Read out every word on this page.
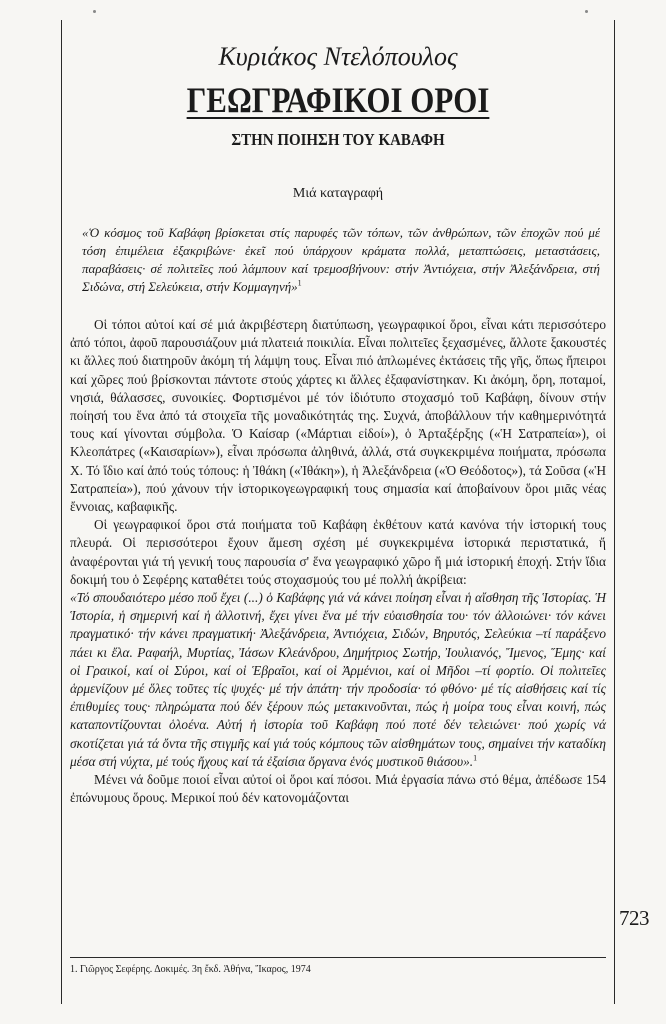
Κυριάκος Ντελόπουλος

ΓΕΩΓΡΑΦΙΚΟΙ ΟΡΟΙ
ΣΤΗΝ ΠΟΙΗΣΗ ΤΟΥ ΚΑΒΑΦΗ

Μιά καταγραφή

«Ὁ κόσμος τοῦ Καβάφη βρίσκεται στίς παρυφές τῶν τόπων, τῶν ἀνθρώπων, τῶν ἐποχῶν πού μέ τόση ἐπιμέλεια ἐξακριβώνε· ἐκεῖ πού ὑπάρχουν κράματα πολλά, μεταπτώσεις, μεταστάσεις, παραβάσεις· σέ πολιτεῖες πού λάμπουν καί τρεμοσβήνουν: στήν Ἀντιόχεια, στήν Ἀλεξάνδρεια, στή Σιδώνα, στή Σελεύκεια, στήν Κομμαγηνή»$^1$

Οἱ τόποι αὐτοί καί σέ μιά ἀκριβέστερη διατύπωση, γεωγραφικοί ὅροι, εἶναι κάτι περισσότερο ἀπό τόποι, ἀφοῦ παρουσιάζουν μιά πλατειά ποικιλία. Εἶναι πολιτεῖες ξεχασμένες, ἄλλοτε ξακουστές κι ἄλλες πού διατηροῦν ἀκόμη τή λάμψη τους. Εἶναι πιό ἁπλωμένες ἐκτάσεις τῆς γῆς, ὅπως ἤπειροι καί χῶρες πού βρίσκονται πάντοτε στούς χάρτες κι ἄλλες ἐξαφανίστηκαν. Κι ἀκόμη, ὄρη, ποταμοί, νησιά, θάλασσες, συνοικίες. Φορτισμένοι μέ τόν ἰδιότυπο στοχασμό τοῦ Καβάφη, δίνουν στήν ποίησή του ἕνα ἀπό τά στοιχεῖα τῆς μοναδικότητάς της. Συχνά, ἀποβάλλουν τήν καθημερινότητά τους καί γίνονται σύμβολα. Ὁ Καίσαρ («Μάρτιαι εἰδοί»), ὁ Ἀρταξέρξης («Ἡ Σατραπεία»), οἱ Κλεοπάτρες («Καισαρίων»), εἶναι πρόσωπα ἀληθινά, ἀλλά, στά συγκεκριμένα ποιήματα, πρόσωπα Χ. Τό ἴδιο καί ἀπό τούς τόπους: ἡ Ἰθάκη («Ἰθάκη»), ἡ Ἀλεξάνδρεια («Ὁ Θεόδοτος»), τά Σοῦσα («Ἡ Σατραπεία»), πού χάνουν τήν ἱστορικογεωγραφική τους σημασία καί ἀποβαίνουν ὅροι μιᾶς νέας ἔννοιας, καβαφικῆς.

Οἱ γεωγραφικοί ὅροι στά ποιήματα τοῦ Καβάφη ἐκθέτουν κατά κανόνα τήν ἱστορική τους πλευρά. Οἱ περισσότεροι ἔχουν ἄμεση σχέση μέ συγκεκριμένα ἱστορικά περιστατικά, ἤ ἀναφέρονται γιά τή γενική τους παρουσία σ' ἕνα γεωγραφικό χῶρο ἤ μιά ἱστορική ἐποχή. Στήν ἴδια δοκιμή του ὁ Σεφέρης καταθέτει τούς στοχασμούς του μέ πολλή ἀκρίβεια:

«Τό σπουδαιότερο μέσο ποὔ ἔχει (...) ὁ Καβάφης γιά νά κάνει ποίηση εἶναι ἡ αἴσθηση τῆς Ἱστορίας. Ἡ Ἱστορία, ἡ σημερινή καί ἡ ἀλλοτινή, ἔχει γίνει ἕνα μέ τήν εὐαισθησία του· τόν ἀλλοιώνει· τόν κάνει πραγματικό· τήν κάνει πραγματική· Ἀλεξάνδρεια, Ἀντιόχεια, Σιδών, Βηρυτός, Σελεύκια –τί παράξενο πάει κι ἔλα. Ραφαήλ, Μυρτίας, Ἰάσων Κλεάνδρου, Δημήτριος Σωτήρ, Ἰουλιανός, Ἴμενος, Ἕμης· καί οἱ Γραικοί, καί οἱ Σύροι, καί οἱ Ἑβραῖοι, καί οἱ Ἀρμένιοι, καί οἱ Μῆδοι –τί φορτίο. Οἱ πολιτεῖες ἁρμενίζουν μέ ὅλες τοῦτες τίς ψυχές· μέ τήν ἀπάτη· τήν προδοσία· τό φθόνο· μέ τίς αἰσθήσεις καί τίς ἐπιθυμίες τους· πληρώματα πού δέν ξέρουν πώς μετακινοῦνται, πώς ἡ μοίρα τους εἶναι κοινή, πώς καταποντίζουνται ὁλοένα. Αὐτή ἡ ἱστορία τοῦ Καβάφη πού ποτέ δέν τελειώνει· πού χωρίς νά σκοτίζεται γιά τά ὄντα τῆς στιγμῆς καί γιά τούς κόμπους τῶν αἰσθημάτων τους, σημαίνει τήν καταδίκη μέσα στή νύχτα, μέ τούς ἤχους καί τά ἐξαίσια ὄργανα ἑνός μυστικοῦ θιάσου».$^1$

Μένει νά δοῦμε ποιοί εἶναι αὐτοί οἱ ὅροι καί πόσοι. Μιά ἐργασία πάνω στό θέμα, ἀπέδωσε 154 ἐπώνυμους ὅρους. Μερικοί πού δέν κατονομάζονται

723
1. Γιῶργος Σεφέρης. Δοκιμές. 3η ἔκδ. Ἀθήνα, Ἴκαρος, 1974
